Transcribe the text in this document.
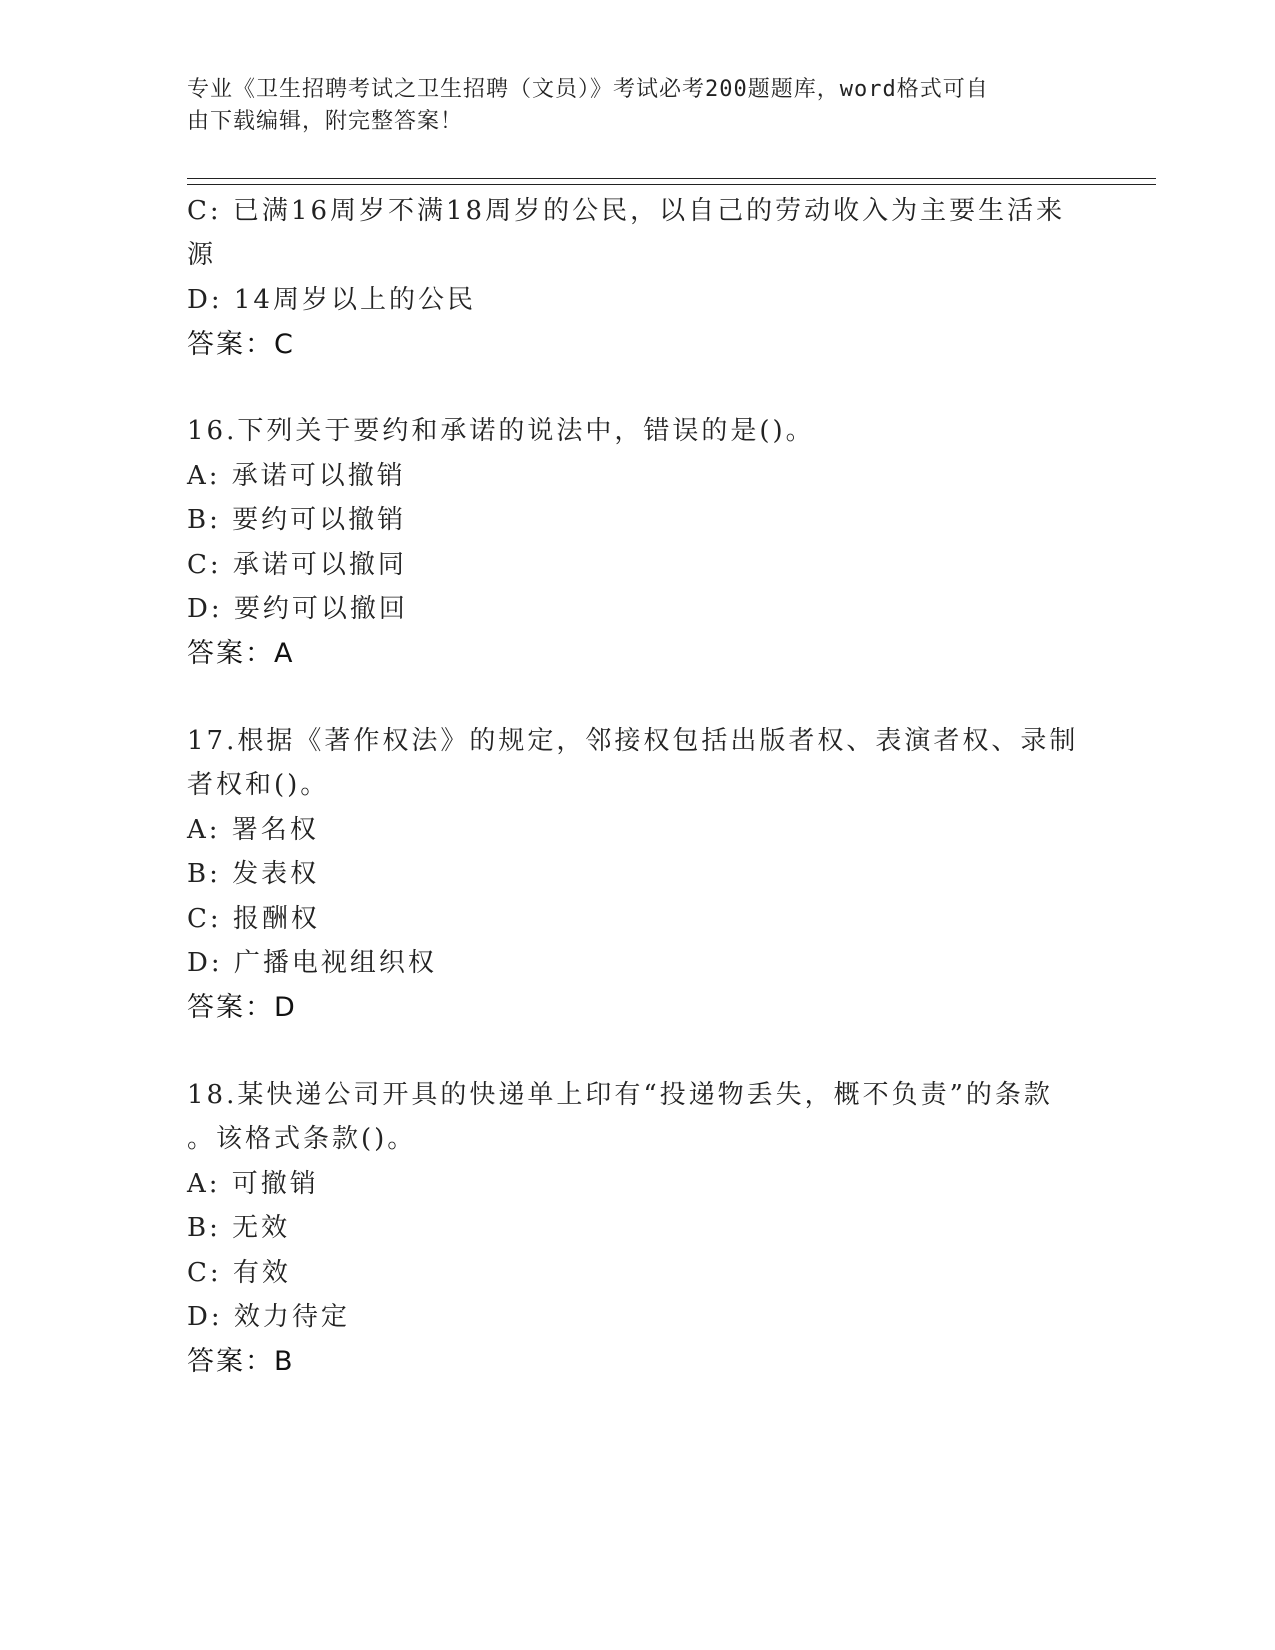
专业《卫生招聘考试之卫生招聘（文员）》考试必考200题题库，word格式可自
由下载编辑，附完整答案！
C: 已满16周岁不满18周岁的公民，以自己的劳动收入为主要生活来
源
D: 14周岁以上的公民
答案：C
16.下列关于要约和承诺的说法中，错误的是()。
A: 承诺可以撤销
B: 要约可以撤销
C: 承诺可以撤同
D: 要约可以撤回
答案：A
17.根据《著作权法》的规定，邻接权包括出版者权、表演者权、录制
者权和()。
A: 署名权
B: 发表权
C: 报酬权
D: 广播电视组织权
答案：D
18.某快递公司开具的快递单上印有“投递物丢失，概不负责”的条款
。该格式条款()。
A: 可撤销
B: 无效
C: 有效
D: 效力待定
答案：B
